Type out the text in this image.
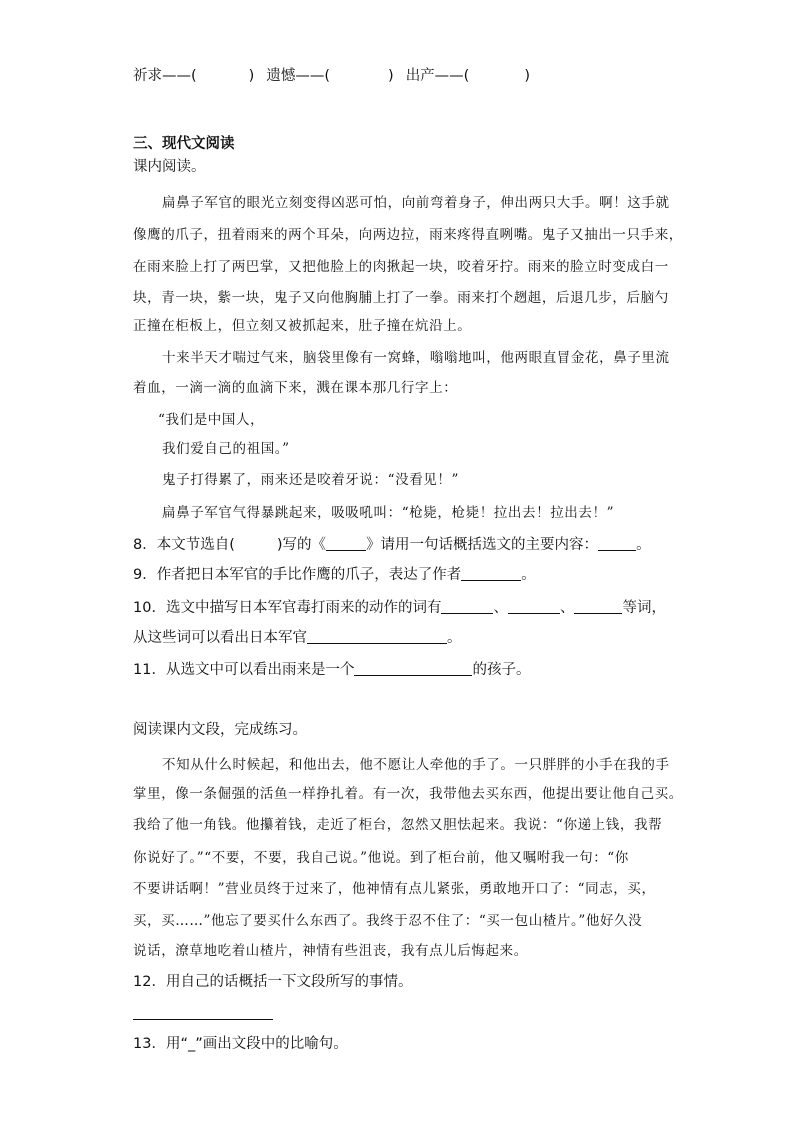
祈求——(	) 遗憾——(	) 出产——(	)
三、现代文阅读
课内阅读。
扁鼻子军官的眼光立刻变得凶恶可怕，向前弯着身子，伸出两只大手。啊！这手就
像鹰的爪子，扭着雨来的两个耳朵，向两边拉，雨来疼得直咧嘴。鬼子又抽出一只手来，
在雨来脸上打了两巴掌，又把他脸上的肉揪起一块，咬着牙拧。雨来的脸立时变成白一
块，青一块，紫一块，鬼子又向他胸脯上打了一拳。雨来打个趔趄，后退几步，后脑勺
正撞在柜板上，但立刻又被抓起来，肚子撞在炕沿上。
十来半天才喘过气来，脑袋里像有一窝蜂，嗡嗡地叫，他两眼直冒金花，鼻子里流
着血，一滴一滴的血滴下来，溅在课本那几行字上：
“我们是中国人，
我们爱自己的祖国。”
鬼子打得累了，雨来还是咬着牙说：“没看见！”
扁鼻子军官气得暴跳起来，吸吸吼叫：“枪毙，枪毙！拉出去！拉出去！”
8．本文节选自(	)写的《	》请用一句话概括选文的主要内容：	。
9．作者把日本军官的手比作鹰的爪子，表达了作者	。
10．选文中描写日本军官毒打雨来的动作的词有	、	、	等词，
从这些词可以看出日本军官	。
11．从选文中可以看出雨来是一个	的孩子。
阅读课内文段，完成练习。
不知从什么时候起，和他出去，他不愿让人牵他的手了。一只胖胖的小手在我的手
掌里，像一条倔强的活鱼一样挣扎着。有一次，我带他去买东西，他提出要让他自己买。
我给了他一角钱。他攥着钱，走近了柜台，忽然又胆怯起来。我说：“你递上钱，我帮
你说好了。”“不要，不要，我自己说。”他说。到了柜台前，他又嘱咐我一句：“你
不要讲话啊！”营业员终于过来了，他神情有点儿紧张，勇敢地开口了：“同志，买，
买，买……”他忘了要买什么东西了。我终于忍不住了：“买一包山楂片。”他好久没
说话，潦草地吃着山楂片，神情有些沮丧，我有点儿后悔起来。
12．用自己的话概括一下文段所写的事情。
13．用“_”画出文段中的比喻句。
